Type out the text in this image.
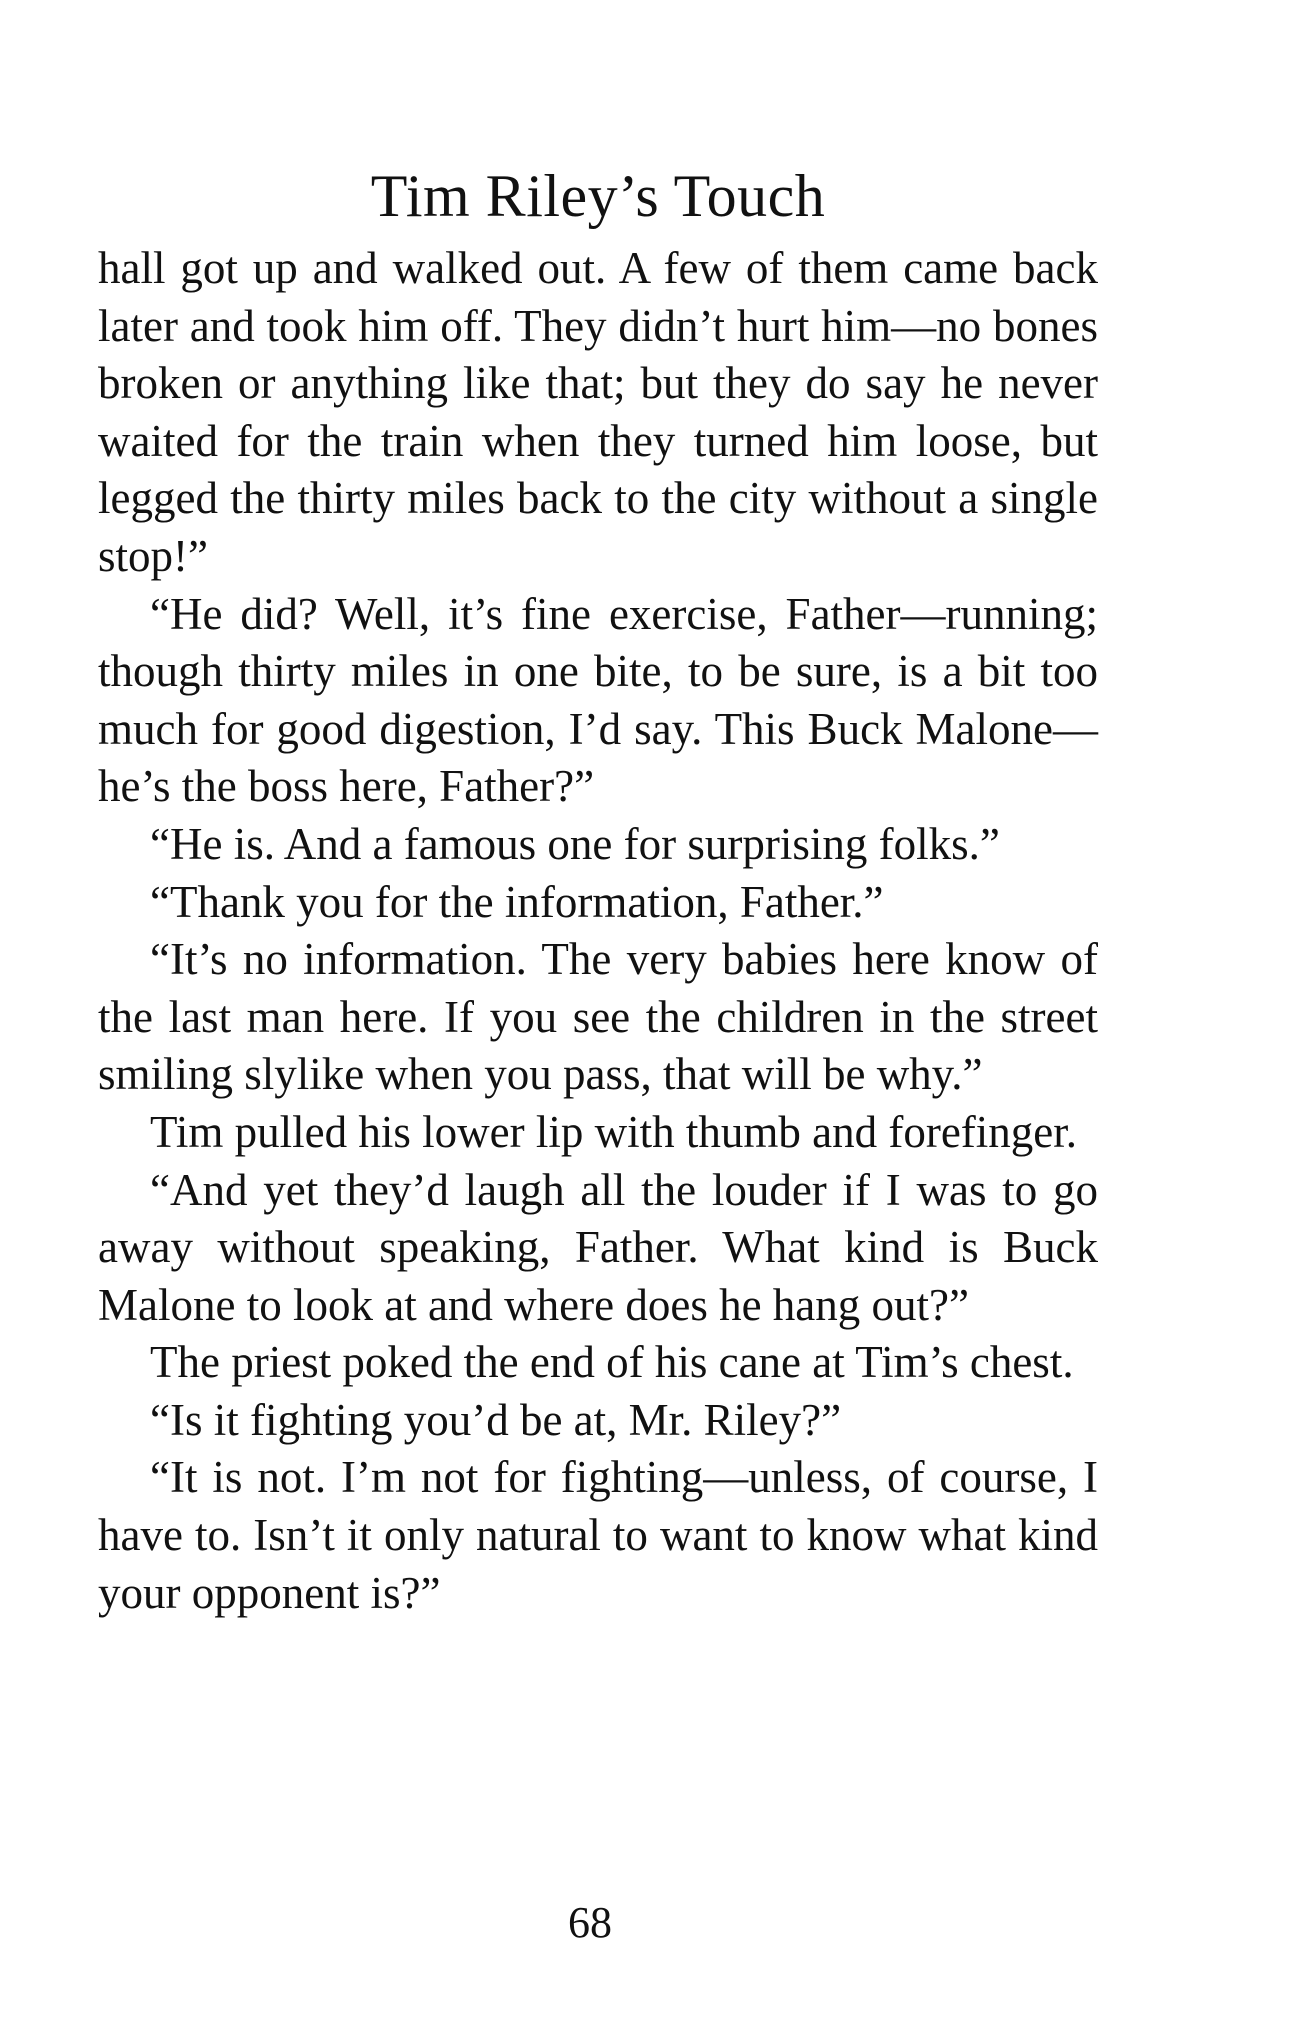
Tim Riley’s Touch

hall got up and walked out. A few of them came back later and took him off. They didn’t hurt him—no bones broken or anything like that; but they do say he never waited for the train when they turned him loose, but legged the thirty miles back to the city without a single stop!”

“He did? Well, it’s fine exercise, Father—running; though thirty miles in one bite, to be sure, is a bit too much for good digestion, I’d say. This Buck Malone—he’s the boss here, Father?”

“He is. And a famous one for surprising folks.”

“Thank you for the information, Father.”

“It’s no information. The very babies here know of the last man here. If you see the children in the street smiling slylike when you pass, that will be why.”

Tim pulled his lower lip with thumb and forefinger.

“And yet they’d laugh all the louder if I was to go away without speaking, Father. What kind is Buck Malone to look at and where does he hang out?”

The priest poked the end of his cane at Tim’s chest.

“Is it fighting you’d be at, Mr. Riley?”

“It is not. I’m not for fighting—unless, of course, I have to. Isn’t it only natural to want to know what kind your opponent is?”

68
